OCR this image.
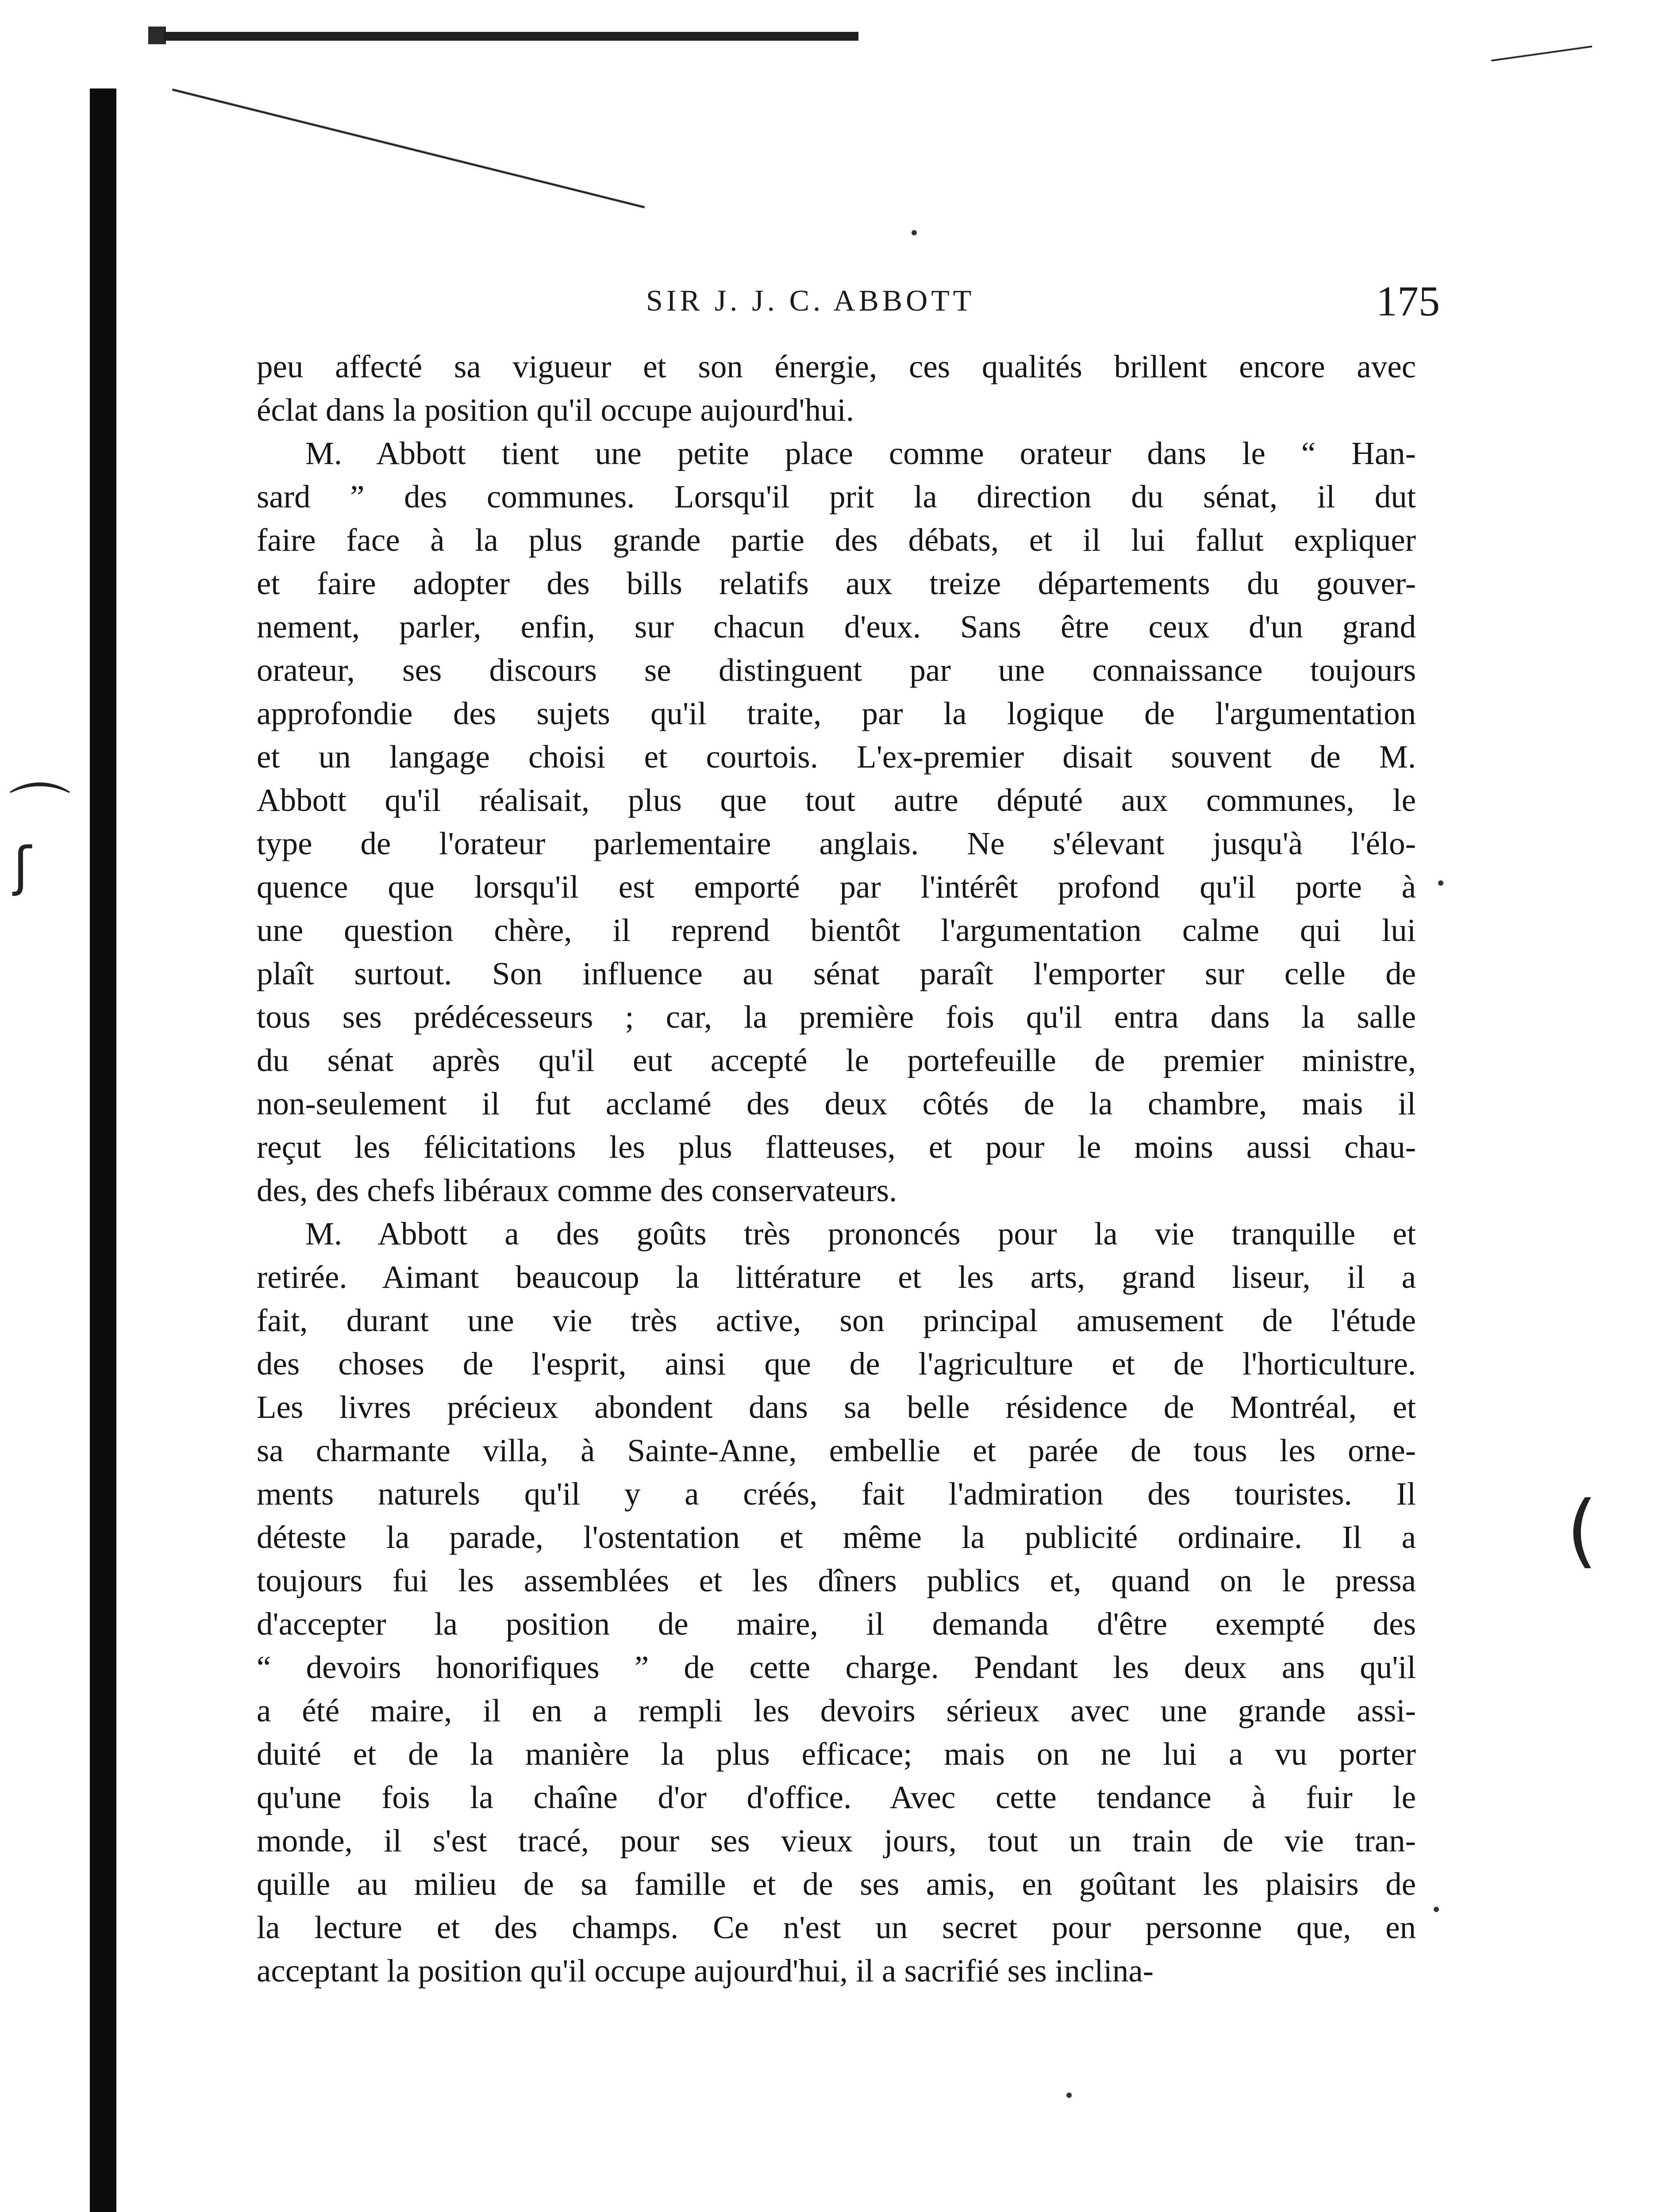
⌒
ʃ
(
SIR J. J. C. ABBOTT	175
peu affecté sa vigueur et son énergie, ces qualités brillent encore avec
éclat dans la position qu'il occupe aujourd'hui.
M. Abbott tient une petite place comme orateur dans le “ Han-
sard ” des communes. Lorsqu'il prit la direction du sénat, il dut
faire face à la plus grande partie des débats, et il lui fallut expliquer
et faire adopter des bills relatifs aux treize départements du gouver-
nement, parler, enfin, sur chacun d'eux. Sans être ceux d'un grand
orateur, ses discours se distinguent par une connaissance toujours
approfondie des sujets qu'il traite, par la logique de l'argumentation
et un langage choisi et courtois. L'ex-premier disait souvent de M.
Abbott qu'il réalisait, plus que tout autre député aux communes, le
type de l'orateur parlementaire anglais. Ne s'élevant jusqu'à l'élo-
quence que lorsqu'il est emporté par l'intérêt profond qu'il porte à
une question chère, il reprend bientôt l'argumentation calme qui lui
plaît surtout. Son influence au sénat paraît l'emporter sur celle de
tous ses prédécesseurs ; car, la première fois qu'il entra dans la salle
du sénat après qu'il eut accepté le portefeuille de premier ministre,
non-seulement il fut acclamé des deux côtés de la chambre, mais il
reçut les félicitations les plus flatteuses, et pour le moins aussi chau-
des, des chefs libéraux comme des conservateurs.
M. Abbott a des goûts très prononcés pour la vie tranquille et
retirée. Aimant beaucoup la littérature et les arts, grand liseur, il a
fait, durant une vie très active, son principal amusement de l'étude
des choses de l'esprit, ainsi que de l'agriculture et de l'horticulture.
Les livres précieux abondent dans sa belle résidence de Montréal, et
sa charmante villa, à Sainte-Anne, embellie et parée de tous les orne-
ments naturels qu'il y a créés, fait l'admiration des touristes. Il
déteste la parade, l'ostentation et même la publicité ordinaire. Il a
toujours fui les assemblées et les dîners publics et, quand on le pressa
d'accepter la position de maire, il demanda d'être exempté des
“ devoirs honorifiques ” de cette charge. Pendant les deux ans qu'il
a été maire, il en a rempli les devoirs sérieux avec une grande assi-
duité et de la manière la plus efficace; mais on ne lui a vu porter
qu'une fois la chaîne d'or d'office. Avec cette tendance à fuir le
monde, il s'est tracé, pour ses vieux jours, tout un train de vie tran-
quille au milieu de sa famille et de ses amis, en goûtant les plaisirs de
la lecture et des champs. Ce n'est un secret pour personne que, en
acceptant la position qu'il occupe aujourd'hui, il a sacrifié ses inclina-
